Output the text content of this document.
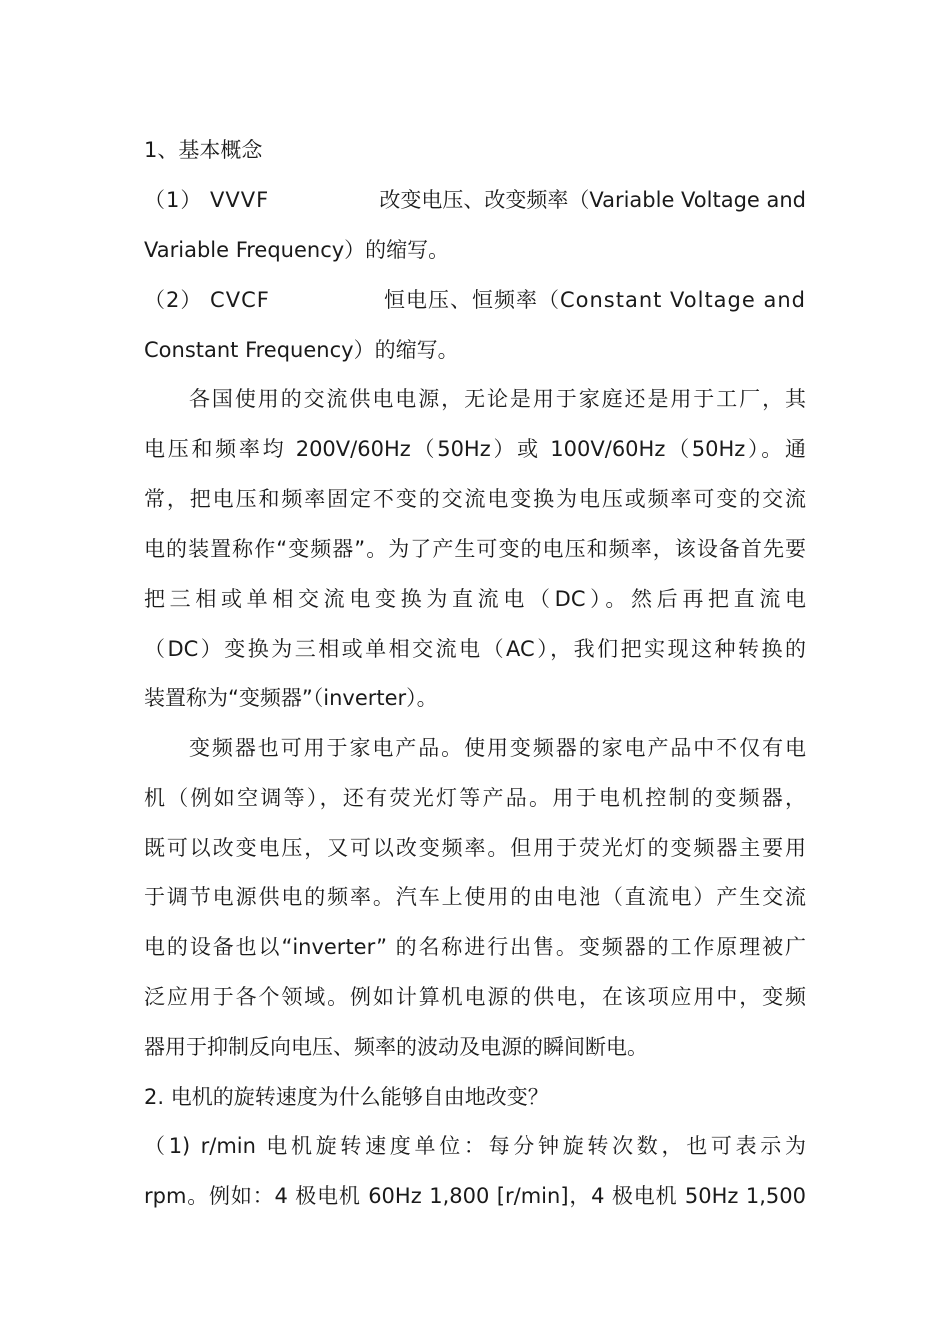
1、基本概念
（1） VVVF	改变电压、改变频率（Variable Voltage and
Variable Frequency）的缩写。
（2） CVCF	恒电压、恒频率（Constant Voltage and
Constant Frequency）的缩写。
各国使用的交流供电电源，无论是用于家庭还是用于工厂，其
电压和频率均 200V/60Hz（50Hz）或 100V/60Hz（50Hz）。通
常，把电压和频率固定不变的交流电变换为电压或频率可变的交流
电的装置称作“变频器”。为了产生可变的电压和频率，该设备首先要
把三相或单相交流电变换为直流电（DC）。然后再把直流电
（DC）变换为三相或单相交流电（AC），我们把实现这种转换的
装置称为“变频器”（inverter）。
变频器也可用于家电产品。使用变频器的家电产品中不仅有电
机（例如空调等），还有荧光灯等产品。用于电机控制的变频器，
既可以改变电压，又可以改变频率。但用于荧光灯的变频器主要用
于调节电源供电的频率。汽车上使用的由电池（直流电）产生交流
电的设备也以“inverter” 的名称进行出售。变频器的工作原理被广
泛应用于各个领域。例如计算机电源的供电，在该项应用中，变频
器用于抑制反向电压、频率的波动及电源的瞬间断电。
2. 电机的旋转速度为什么能够自由地改变？
（1) r/min 电机旋转速度单位：每分钟旋转次数，也可表示为
rpm。例如：4 极电机 60Hz 1,800 [r/min]，4 极电机 50Hz 1,500
